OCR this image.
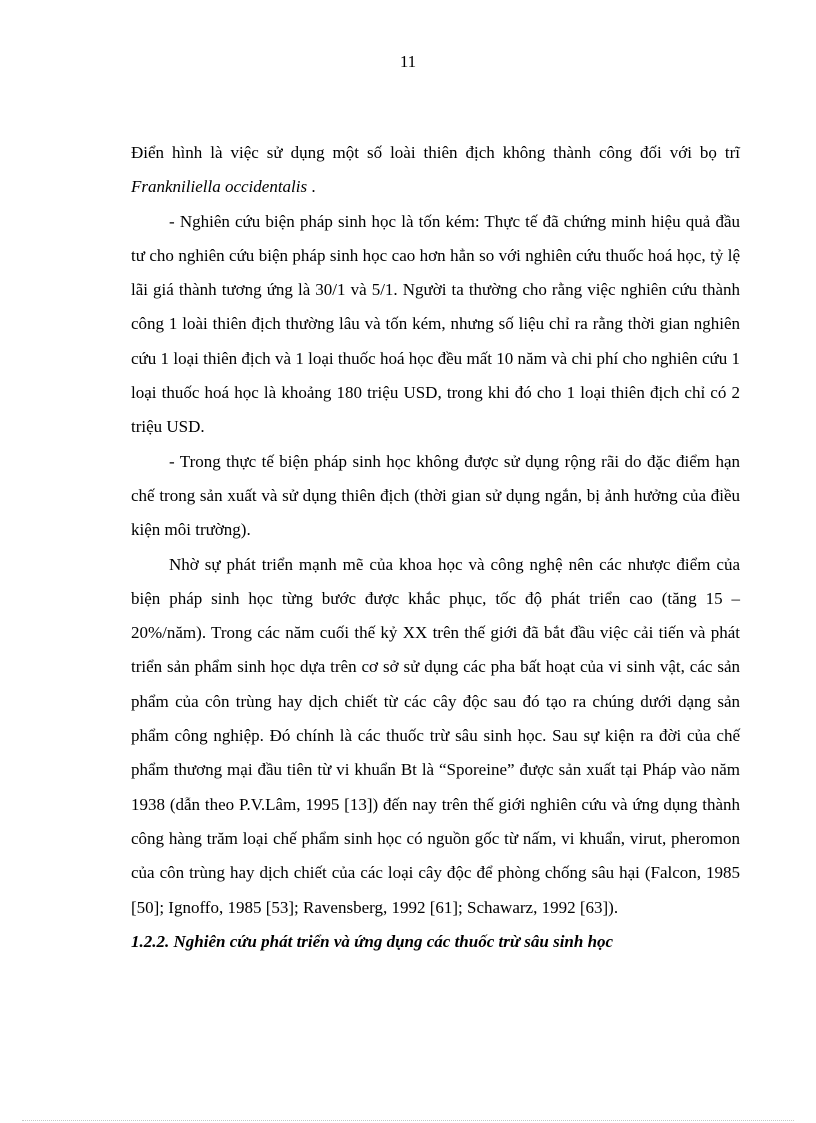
11

Điển hình là việc sử dụng một số loài thiên địch không thành công đối với bọ trĩ Frankniliella occidentalis .

- Nghiên cứu biện pháp sinh học là tốn kém: Thực tế đã chứng minh hiệu quả đầu tư cho nghiên cứu biện pháp sinh học cao hơn hẳn so với nghiên cứu thuốc hoá học, tỷ lệ lãi giá thành tương ứng là 30/1 và 5/1. Người ta thường cho rằng việc nghiên cứu thành công 1 loài thiên địch thường lâu và tốn kém, nhưng số liệu chỉ ra rằng thời gian nghiên cứu 1 loại thiên địch và 1 loại thuốc hoá học đều mất 10 năm và chi phí cho nghiên cứu 1 loại thuốc hoá học là khoảng 180 triệu USD, trong khi đó cho 1 loại thiên địch chỉ có 2 triệu USD.

- Trong thực tế biện pháp sinh học không được sử dụng rộng rãi do đặc điểm hạn chế trong sản xuất và sử dụng thiên địch (thời gian sử dụng ngắn, bị ảnh hưởng của điều kiện môi trường).

Nhờ sự phát triển mạnh mẽ của khoa học và công nghệ nên các nhược điểm của biện pháp sinh học từng bước được khắc phục, tốc độ phát triển cao (tăng 15 – 20%/năm). Trong các năm cuối thế kỷ XX trên thế giới đã bắt đầu việc cải tiến và phát triển sản phẩm sinh học dựa trên cơ sở sử dụng các pha bất hoạt của vi sinh vật, các sản phẩm của côn trùng hay dịch chiết từ các cây độc sau đó tạo ra chúng dưới dạng sản phẩm công nghiệp. Đó chính là các thuốc trừ sâu sinh học. Sau sự kiện ra đời của chế phẩm thương mại đầu tiên từ vi khuẩn Bt là “Sporeine” được sản xuất tại Pháp vào năm 1938 (dẫn theo P.V.Lâm, 1995 [13]) đến nay trên thế giới nghiên cứu và ứng dụng thành công hàng trăm loại chế phẩm sinh học có nguồn gốc từ nấm, vi khuẩn, virut, pheromon của côn trùng hay dịch chiết của các loại cây độc để phòng chống sâu hại (Falcon, 1985 [50]; Ignoffo, 1985 [53]; Ravensberg, 1992 [61]; Schawarz, 1992 [63]).

1.2.2. Nghiên cứu phát triển và ứng dụng các thuốc trừ sâu sinh học
